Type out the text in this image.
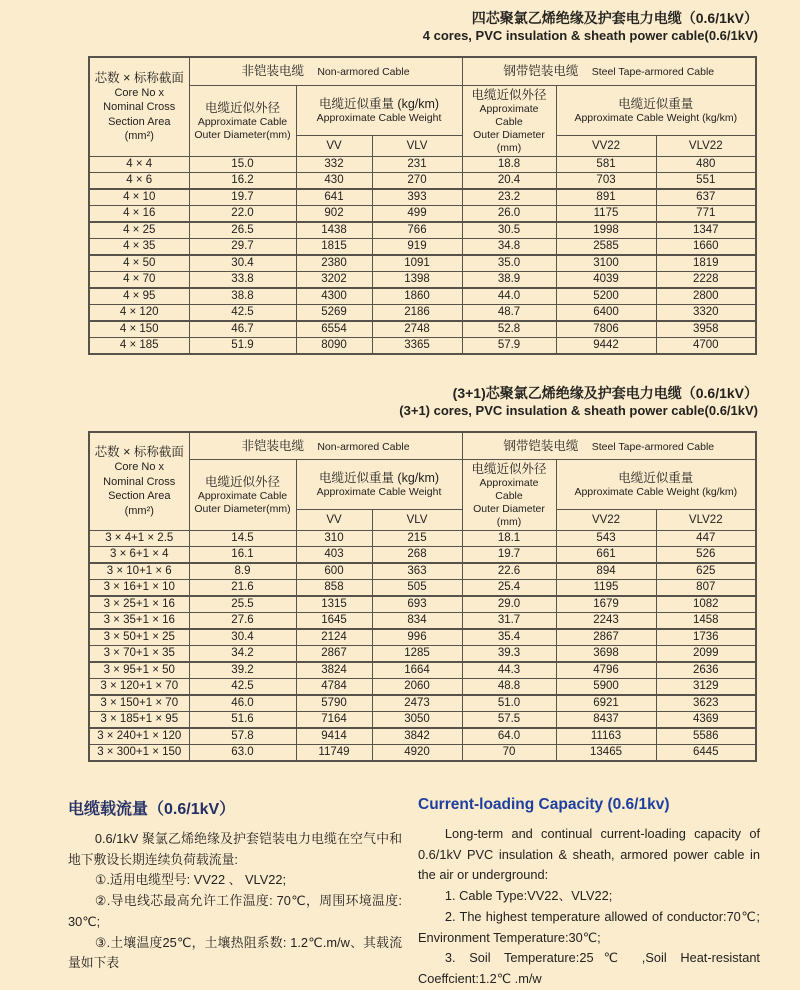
四芯聚氯乙烯绝缘及护套电力电缆（0.6/1kV）
4 cores, PVC insulation & sheath power cable(0.6/1kV)
芯数 × 标称截面
Core No x
Nominal Cross
Section Area
(mm²)	非铠装电缆 Non-armored Cable			钢带铠装电缆 Steel Tape-armored Cable		

电缆近似外径
Approximate Cable
Outer Diameter(mm)

电缆近似重量 (kg/km)
Approximate Cable Weight

电缆近似外径
Approximate Cable
Outer Diameter
(mm)

电缆近似重量
Approximate Cable Weight (kg/km)

		VV	VLV		VV22	VLV22
4 × 4	15.0	332	231	18.8	581	480
4 × 6	16.2	430	270	20.4	703	551
4 × 10	19.7	641	393	23.2	891	637
4 × 16	22.0	902	499	26.0	1175	771
4 × 25	26.5	1438	766	30.5	1998	1347
4 × 35	29.7	1815	919	34.8	2585	1660
4 × 50	30.4	2380	1091	35.0	3100	1819
4 × 70	33.8	3202	1398	38.9	4039	2228
4 × 95	38.8	4300	1860	44.0	5200	2800
4 × 120	42.5	5269	2186	48.7	6400	3320
4 × 150	46.7	6554	2748	52.8	7806	3958
4 × 185	51.9	8090	3365	57.9	9442	4700
(3+1)芯聚氯乙烯绝缘及护套电力电缆（0.6/1kV）
(3+1) cores, PVC insulation & sheath power cable(0.6/1kV)
芯数 × 标称截面
Core No x
Nominal Cross
Section Area
(mm²)	非铠装电缆 Non-armored Cable			钢带铠装电缆 Steel Tape-armored Cable		

电缆近似外径
Approximate Cable
Outer Diameter(mm)

电缆近似重量 (kg/km)
Approximate Cable Weight

电缆近似外径
Approximate Cable
Outer Diameter
(mm)

电缆近似重量
Approximate Cable Weight (kg/km)

		VV	VLV		VV22	VLV22
3 × 4+1 × 2.5	14.5	310	215	18.1	543	447
3 × 6+1 × 4	16.1	403	268	19.7	661	526
3 × 10+1 × 6	8.9	600	363	22.6	894	625
3 × 16+1 × 10	21.6	858	505	25.4	1195	807
3 × 25+1 × 16	25.5	1315	693	29.0	1679	1082
3 × 35+1 × 16	27.6	1645	834	31.7	2243	1458
3 × 50+1 × 25	30.4	2124	996	35.4	2867	1736
3 × 70+1 × 35	34.2	2867	1285	39.3	3698	2099
3 × 95+1 × 50	39.2	3824	1664	44.3	4796	2636
3 × 120+1 × 70	42.5	4784	2060	48.8	5900	3129
3 × 150+1 × 70	46.0	5790	2473	51.0	6921	3623
3 × 185+1 × 95	51.6	7164	3050	57.5	8437	4369
3 × 240+1 × 120	57.8	9414	3842	64.0	11163	5586
3 × 300+1 × 150	63.0	11749	4920	70	13465	6445
电缆载流量（0.6/1kV）

0.6/1kV 聚氯乙烯绝缘及护套铠装电力电缆在空气中和地下敷设长期连续负荷载流量:

①.适用电缆型号: VV22 、 VLV22;

②.导电线芯最高允许工作温度: 70℃，周围环境温度: 30℃;

③.土壤温度25℃，土壤热阻系数: 1.2℃.m/w、其载流量如下表

Current-loading Capacity (0.6/1kv)

Long-term and continual current-loading capacity of 0.6/1kV PVC insulation & sheath, armored power cable in the air or underground:

1. Cable Type:VV22、VLV22;

2. The highest temperature allowed of conductor:70℃; Environment Temperature:30℃;

3. Soil Temperature:25℃ ,Soil Heat-resistant Coeffcient:1.2℃ .m/w
